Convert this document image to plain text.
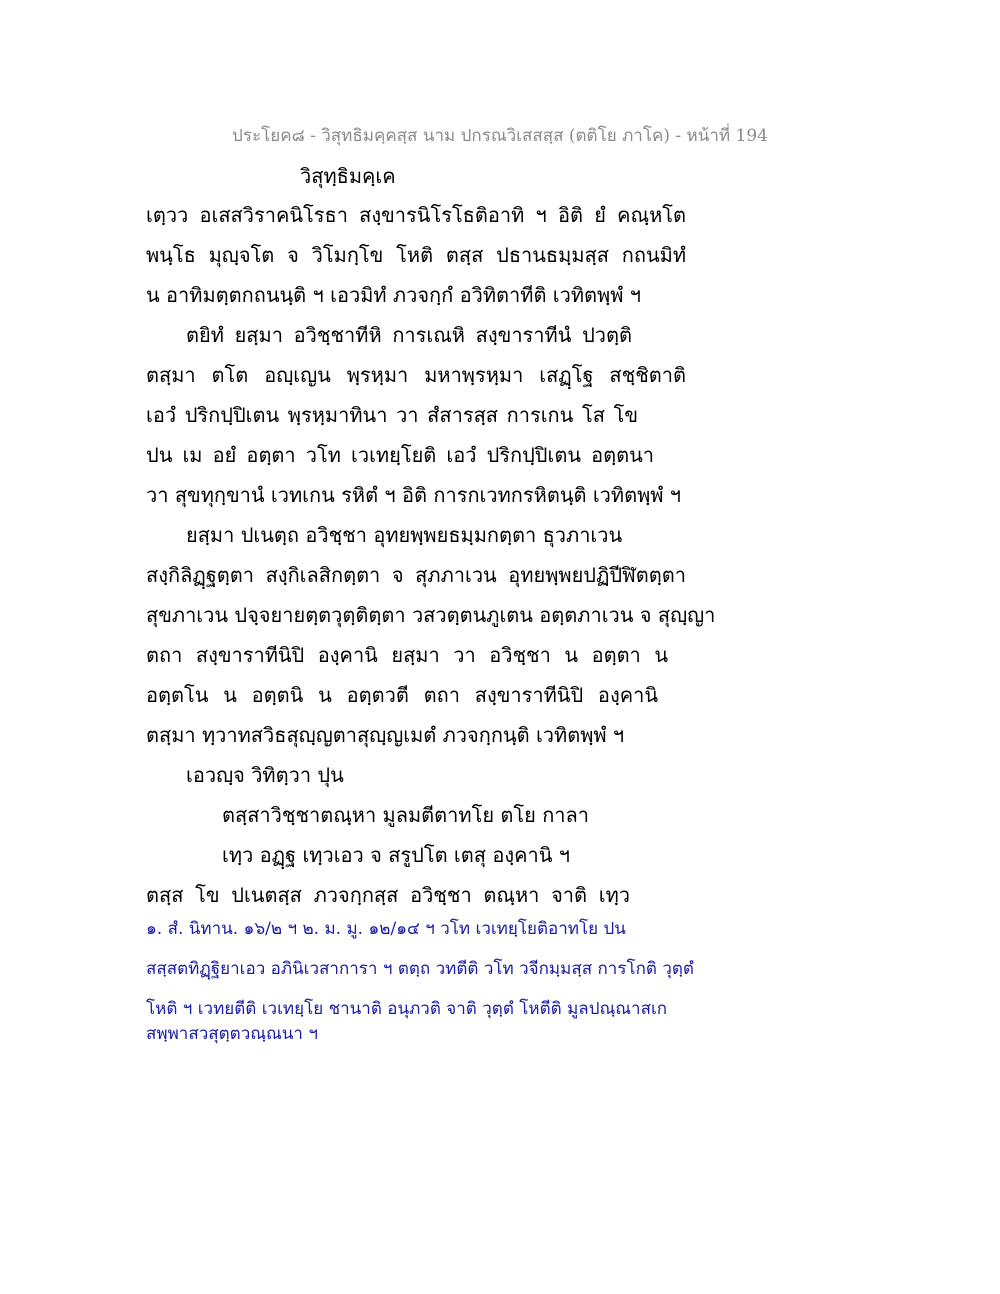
ประโยค๘ - วิสุทธิมคฺคสฺส นาม ปกรณวิเสสสฺส (ตติโย ภาโค) - หน้าที่ 194
วิสุทฺธิมคฺเค
เตฺวว อเสสวิราคนิโรธา สงฺขารนิโรโธติอาทิ ฯ อิติ ยํ คณฺหโต
พนฺโธ มุญฺจโต จ วิโมกฺโข โหติ ตสฺส ปธานธมฺมสฺส กถนมิทํ
น อาทิมตฺตกถนนฺติ ฯ เอวมิทํ ภวจกฺกํ อวิทิตาทีติ เวทิตพฺพํ ฯ
ตยิทํ ยสฺมา อวิชฺชาทีหิ การเณหิ สงฺขาราทีนํ ปวตฺติ
ตสฺมา ตโต อญฺเญน พฺรหฺมา มหาพฺรหฺมา เสฏฺโฐ สชฺชิตาติ
เอวํ ปริกปฺปิเตน พฺรหฺมาทินา วา สํสารสฺส การเกน โส โข
ปน เม อยํ อตฺตา วโท เวเทยฺโยติ เอวํ ปริกปฺปิเตน อตฺตนา
วา สุขทุกฺขานํ เวทเกน รหิตํ ฯ อิติ การกเวทกรหิตนฺติ เวทิตพฺพํ ฯ
ยสฺมา ปเนตฺถ อวิชฺชา อุทยพฺพยธมฺมกตฺตา ธุวภาเวน
สงฺกิลิฏฺฐตฺตา สงฺกิเลสิกตฺตา จ สุภภาเวน อุทยพฺพยปฏิปีฬิตตฺตา
สุขภาเวน ปจฺจยายตฺตวุตฺติตฺตา วสวตฺตนภูเตน อตฺตภาเวน จ สุญฺญา
ตถา สงฺขาราทีนิปิ องฺคานิ ยสฺมา วา อวิชฺชา น อตฺตา น
อตฺตโน น อตฺตนิ น อตฺตวตี ตถา สงฺขาราทีนิปิ องฺคานิ
ตสฺมา ทฺวาทสวิธสุญฺญตาสุญฺญเมตํ ภวจกฺกนฺติ เวทิตพฺพํ ฯ
เอวญฺจ วิทิตฺวา ปุน
ตสฺสาวิชฺชาตณฺหา มูลมตีตาทโย ตโย กาลา
เทฺว อฏฺฐ เทฺวเอว จ สรูปโต เตสุ องฺคานิ ฯ
ตสฺส โข ปเนตสฺส ภวจกฺกสฺส อวิชฺชา ตณฺหา จาติ เทฺว
๑. สํ. นิทาน. ๑๖/๒ ฯ ๒. ม. มู. ๑๒/๑๔ ฯ วโท เวเทยฺโยติอาทโย ปน
สสฺสตทิฏฺฐิยาเอว อภินิเวสาการา ฯ ตตฺถ วทตีติ วโท วจีกมฺมสฺส การโกติ วุตฺตํ
โหติ ฯ เวทยตีติ เวเทยฺโย ชานาติ อนุภวติ จาติ วุตฺตํ โหตีติ มูลปณฺณาสเก
สพฺพาสวสุตฺตวณฺณนา ฯ
